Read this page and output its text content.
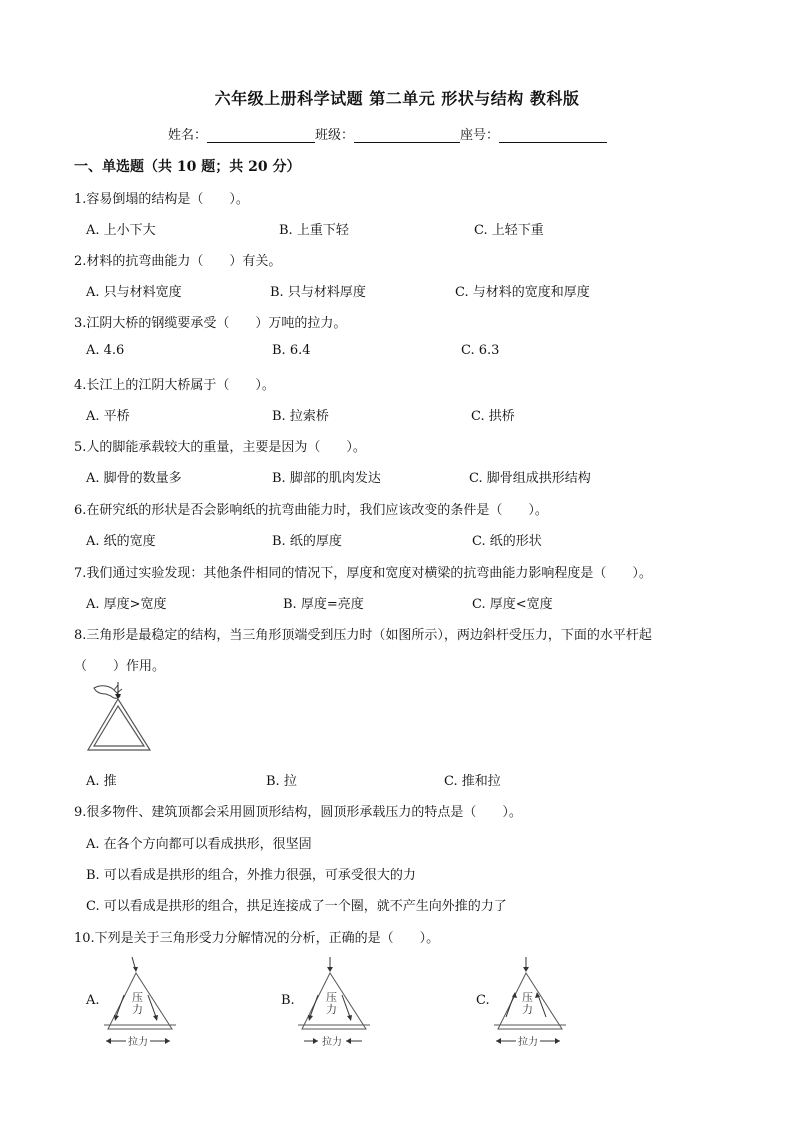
六年级上册科学试题 第二单元 形状与结构 教科版
姓名：	班级：	座号：
一、单选题（共 10 题；共 20 分）
1.容易倒塌的结构是（　　）。
A. 上小下大	B. 上重下轻	C. 上轻下重
2.材料的抗弯曲能力（　　）有关。
A. 只与材料宽度	B. 只与材料厚度	C. 与材料的宽度和厚度
3.江阴大桥的钢缆要承受（　　）万吨的拉力。
A. 4.6	B. 6.4	C. 6.3
4.长江上的江阴大桥属于（　　）。
A. 平桥	B. 拉索桥	C. 拱桥
5.人的脚能承载较大的重量，主要是因为（　　）。
A. 脚骨的数量多	B. 脚部的肌肉发达	C. 脚骨组成拱形结构
6.在研究纸的形状是否会影响纸的抗弯曲能力时，我们应该改变的条件是（　　）。
A. 纸的宽度	B. 纸的厚度	C. 纸的形状
7.我们通过实验发现：其他条件相同的情况下，厚度和宽度对横梁的抗弯曲能力影响程度是（　　）。
A. 厚度>宽度	B. 厚度=亮度	C. 厚度<宽度
8.三角形是最稳定的结构，当三角形顶端受到压力时（如图所示），两边斜杆受压力，下面的水平杆起
（　　）作用。
A. 推	B. 拉	C. 推和拉
9.很多物件、建筑顶都会采用圆顶形结构，圆顶形承载压力的特点是（　　）。
A. 在各个方向都可以看成拱形，很坚固
B. 可以看成是拱形的组合，外推力很强，可承受很大的力
C. 可以看成是拱形的组合，拱足连接成了一个圈，就不产生向外推的力了
10.下列是关于三角形受力分解情况的分析，正确的是（　　）。
A.	压
力
拉力
B.	压
力
拉力
C.	压
力
拉力
